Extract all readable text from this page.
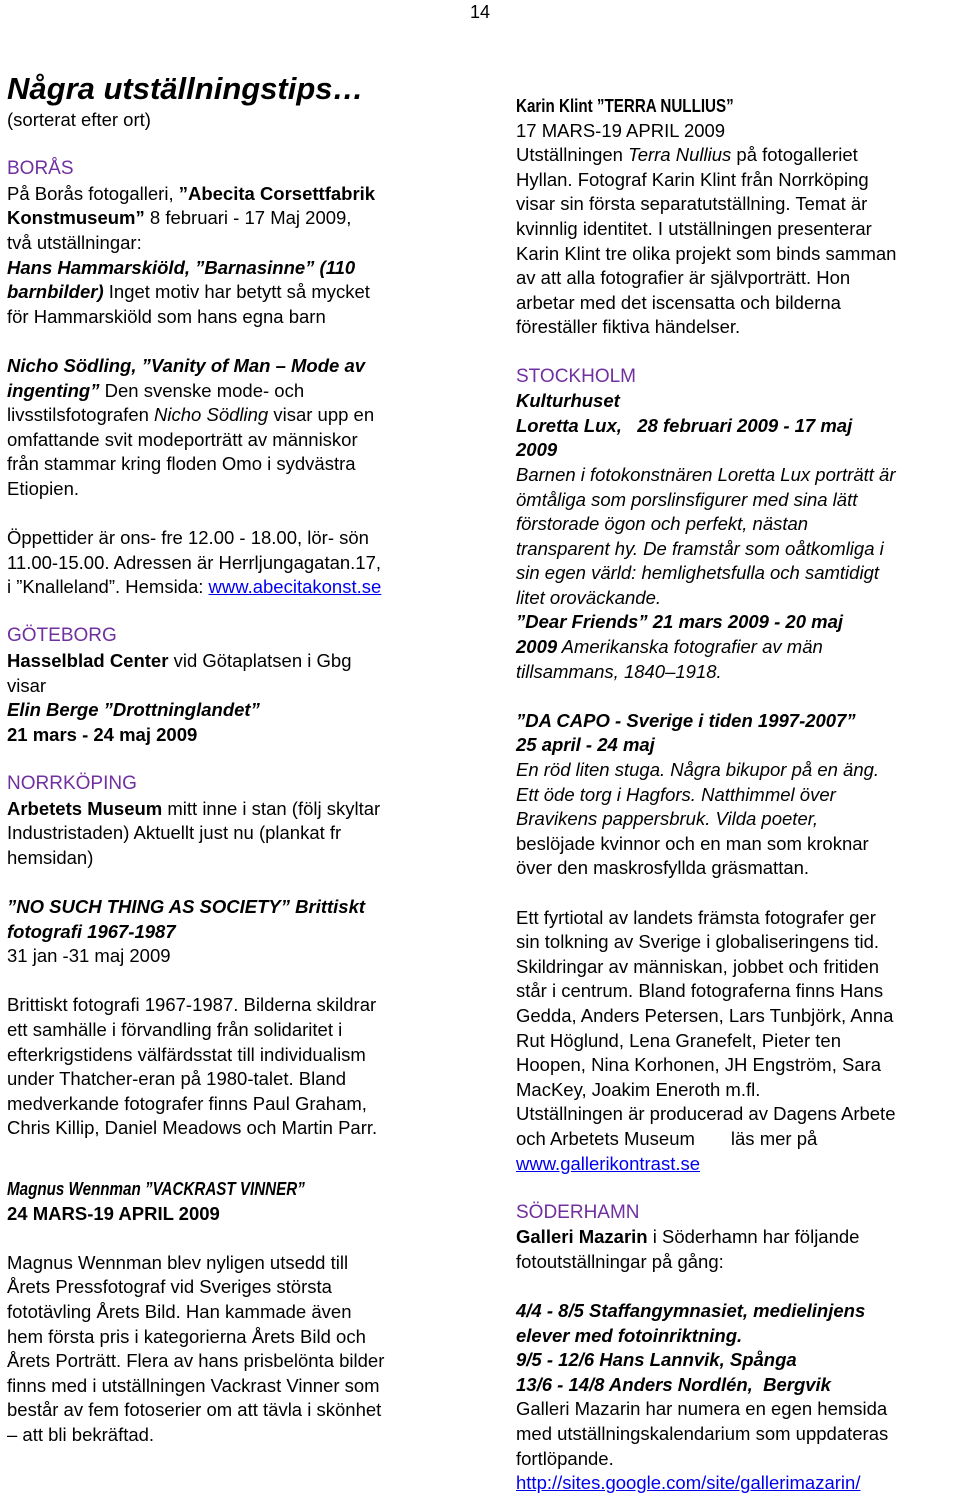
14

Några utställningstips…

(sorterat efter ort)

BORÅS

På Borås fotogalleri, ”Abecita Corsettfabrik

Konstmuseum” 8 februari - 17 Maj 2009,

två utställningar:

Hans Hammarskiöld, ”Barnasinne” (110

barnbilder) Inget motiv har betytt så mycket

för Hammarskiöld som hans egna barn

Nicho Södling, ”Vanity of Man – Mode av

ingenting” Den svenske mode- och

livsstilsfotografen Nicho Södling visar upp en

omfattande svit modeporträtt av människor

från stammar kring floden Omo i sydvästra

Etiopien.

Öppettider är ons- fre 12.00 - 18.00, lör- sön

11.00-15.00. Adressen är Herrljungagatan.17,

i ”Knalleland”. Hemsida: www.abecitakonst.se

GÖTEBORG

Hasselblad Center vid Götaplatsen i Gbg

visar

Elin Berge ”Drottninglandet”

21 mars - 24 maj 2009

NORRKÖPING

Arbetets Museum mitt inne i stan (följ skyltar

Industristaden) Aktuellt just nu (plankat fr

hemsidan)

”NO SUCH THING AS SOCIETY” Brittiskt

fotografi 1967-1987

31 jan -31 maj 2009

Brittiskt fotografi 1967-1987. Bilderna skildrar

ett samhälle i förvandling från solidaritet i

efterkrigstidens välfärdsstat till individualism

under Thatcher-eran på 1980-talet. Bland

medverkande fotografer finns Paul Graham,

Chris Killip, Daniel Meadows och Martin Parr.

Magnus Wennman ”VACKRAST VINNER”

24 MARS-19 APRIL 2009

Magnus Wennman blev nyligen utsedd till

Årets Pressfotograf vid Sveriges största

fototävling Årets Bild. Han kammade även

hem första pris i kategorierna Årets Bild och

Årets Porträtt. Flera av hans prisbelönta bilder

finns med i utställningen Vackrast Vinner som

består av fem fotoserier om att tävla i skönhet

– att bli bekräftad.

Karin Klint ”TERRA NULLIUS”

17 MARS-19 APRIL 2009

Utställningen Terra Nullius på fotogalleriet

Hyllan. Fotograf Karin Klint från Norrköping

visar sin första separatutställning. Temat är

kvinnlig identitet. I utställningen presenterar

Karin Klint tre olika projekt som binds samman

av att alla fotografier är självporträtt. Hon

arbetar med det iscensatta och bilderna

föreställer fiktiva händelser.

STOCKHOLM

Kulturhuset

Loretta Lux,   28 februari 2009 - 17 maj

2009

Barnen i fotokonstnären Loretta Lux porträtt är

ömtåliga som porslinsfigurer med sina lätt

förstorade ögon och perfekt, nästan

transparent hy. De framstår som oåtkomliga i

sin egen värld: hemlighetsfulla och samtidigt

litet oroväckande.

”Dear Friends” 21 mars 2009 - 20 maj

2009 Amerikanska fotografier av män

tillsammans, 1840–1918.

”DA CAPO - Sverige i tiden 1997-2007”

25 april - 24 maj

En röd liten stuga. Några bikupor på en äng.

Ett öde torg i Hagfors. Natthimmel över

Bravikens pappersbruk. Vilda poeter,

beslöjade kvinnor och en man som kroknar

över den maskrosfyllda gräsmattan.

Ett fyrtiotal av landets främsta fotografer ger

sin tolkning av Sverige i globaliseringens tid.

Skildringar av människan, jobbet och fritiden

står i centrum. Bland fotograferna finns Hans

Gedda, Anders Petersen, Lars Tunbjörk, Anna

Rut Höglund, Lena Granefelt, Pieter ten

Hoopen, Nina Korhonen, JH Engström, Sara

MacKey, Joakim Eneroth m.fl.

Utställningen är producerad av Dagens Arbete

och Arbetets Museum       läs mer på

www.gallerikontrast.se

SÖDERHAMN

Galleri Mazarin i Söderhamn har följande

fotoutställningar på gång:

4/4 - 8/5 Staffangymnasiet, medielinjens

elever med fotoinriktning.

9/5 - 12/6 Hans Lannvik, Spånga

13/6 - 14/8 Anders Nordlén,  Bergvik

Galleri Mazarin har numera en egen hemsida

med utställningskalendarium som uppdateras

fortlöpande.

http://sites.google.com/site/gallerimazarin/
